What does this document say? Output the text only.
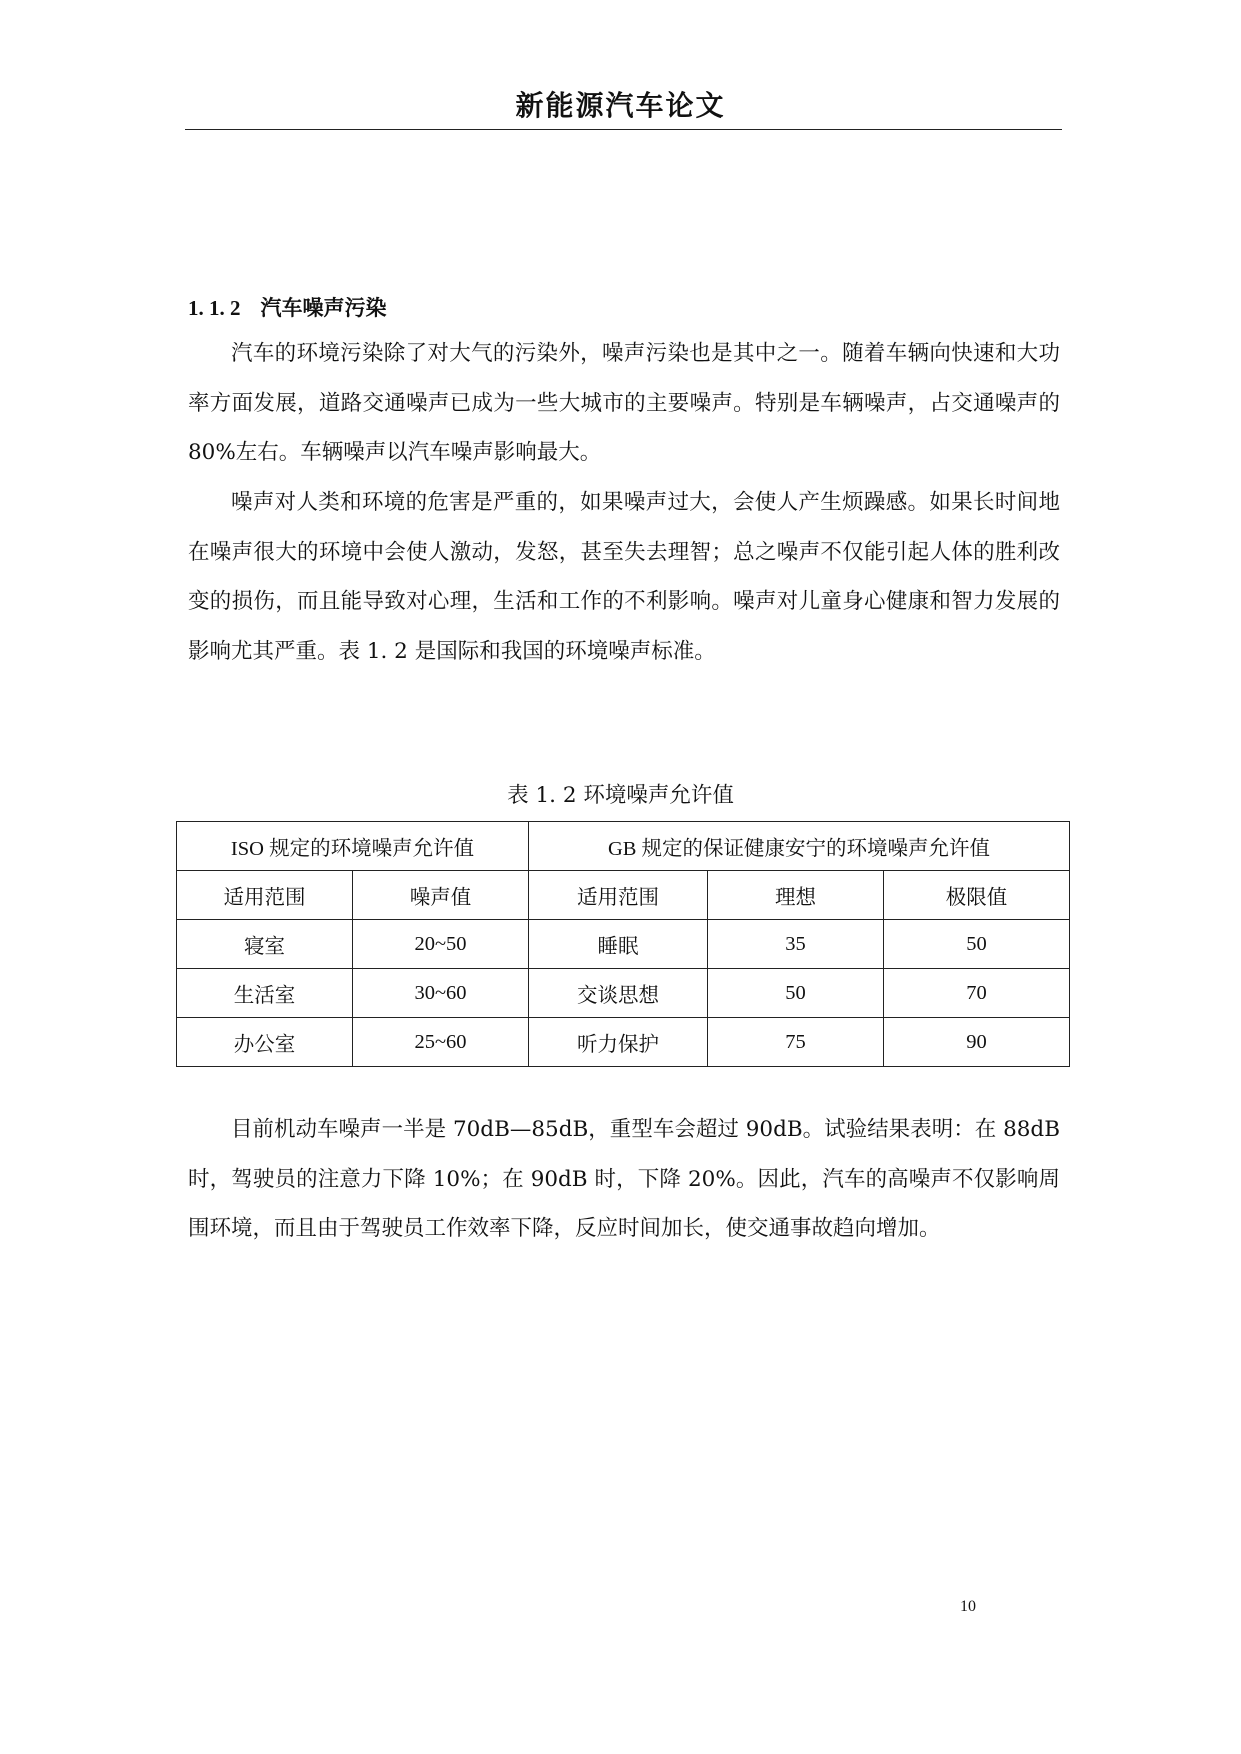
新能源汽车论文
1. 1. 2 汽车噪声污染

汽车的环境污染除了对大气的污染外，噪声污染也是其中之一。随着车辆向快速和大功率方面发展，道路交通噪声已成为一些大城市的主要噪声。特别是车辆噪声，占交通噪声的 80%左右。车辆噪声以汽车噪声影响最大。

噪声对人类和环境的危害是严重的，如果噪声过大，会使人产生烦躁感。如果长时间地在噪声很大的环境中会使人激动，发怒，甚至失去理智；总之噪声不仅能引起人体的胜利改变的损伤，而且能导致对心理，生活和工作的不利影响。噪声对儿童身心健康和智力发展的影响尤其严重。表 1. 2 是国际和我国的环境噪声标准。

表 1. 2 环境噪声允许值
ISO 规定的环境噪声允许值		GB 规定的保证健康安宁的环境噪声允许值		
适用范围	噪声值	适用范围	理想	极限值
寝室	20~50	睡眠	35	50
生活室	30~60	交谈思想	50	70
办公室	25~60	听力保护	75	90

目前机动车噪声一半是 70dB—85dB，重型车会超过 90dB。试验结果表明：在 88dB 时，驾驶员的注意力下降 10%；在 90dB 时，下降 20%。因此，汽车的高噪声不仅影响周围环境，而且由于驾驶员工作效率下降，反应时间加长，使交通事故趋向增加。

10
